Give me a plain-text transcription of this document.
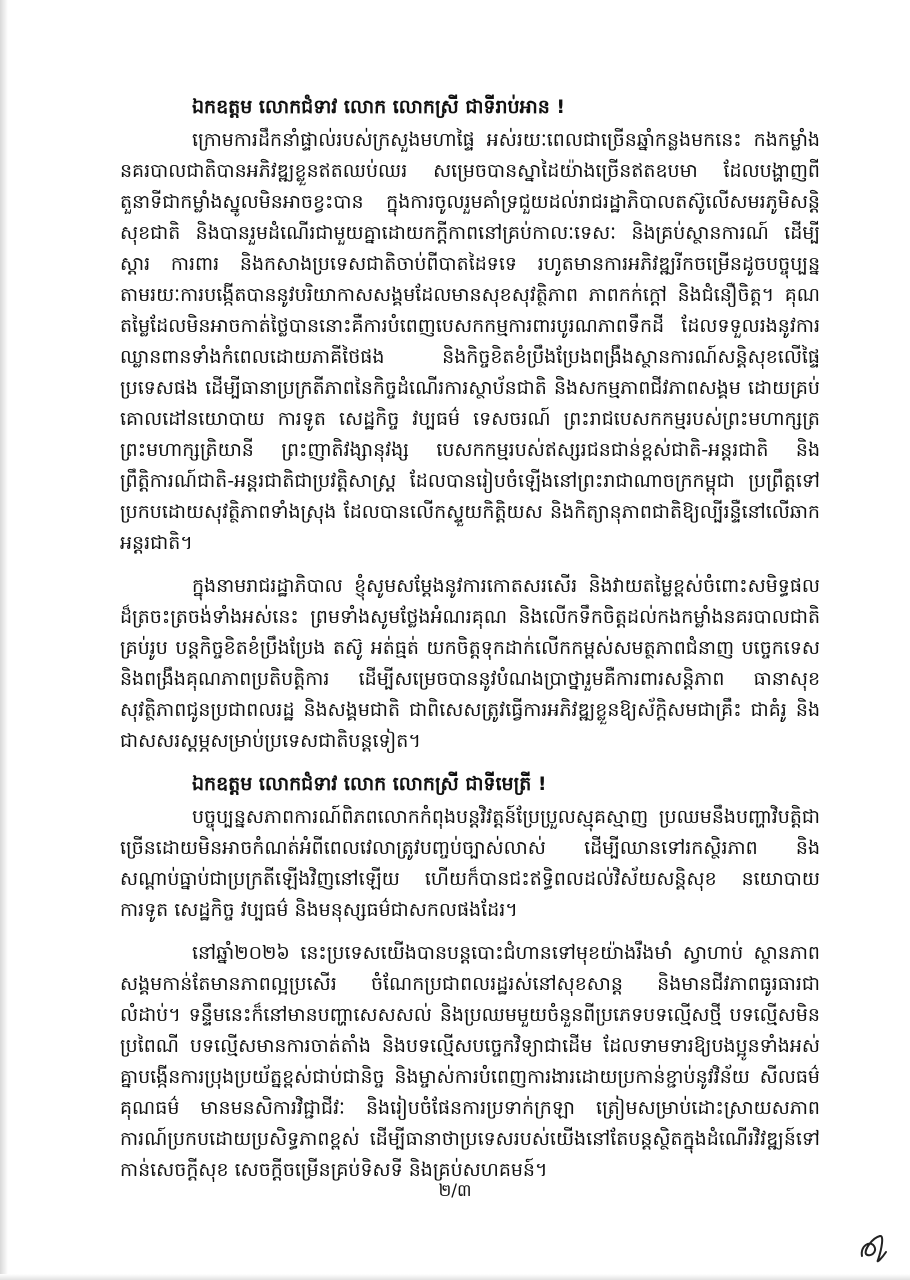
ឯកឧត្តម លោកជំទាវ លោក លោកស្រី ជាទីរាប់អាន !

ក្រោមការដឹកនាំផ្ទាល់របស់ក្រសួងមហាផ្ទៃ អស់រយៈពេលជាច្រើនឆ្នាំកន្លងមកនេះ កងកម្លាំងនគរបាលជាតិបានអភិវឌ្ឍខ្លួនឥតឈប់ឈរ សម្រេចបានស្នាដៃយ៉ាងច្រើនឥតឧបមា ដែលបង្ហាញពីតួនាទីជាកម្លាំងស្នូលមិនអាចខ្វះបាន ក្នុងការចូលរួមគាំទ្រជួយដល់រាជរដ្ឋាភិបាលតស៊ូលើសមរភូមិសន្តិសុខជាតិ និងបានរួមដំណើរជាមួយគ្នាដោយកក្តីកាពនៅគ្រប់កាលៈទេសៈ និងគ្រប់ស្ថានការណ៍ ដើម្បីស្តារ ការពារ និងកសាងប្រទេសជាតិចាប់ពីបាតដៃទទេ រហូតមានការអភិវឌ្ឍរីកចម្រើនដូចបច្ចុប្បន្ន តាមរយៈការបង្កើតបាននូវបរិយាកាសសង្គមដែលមានសុខសុវត្ថិភាព ភាពកក់ក្តៅ និងជំនឿចិត្ត។ គុណតម្លៃដែលមិនអាចកាត់ថ្លៃបាននោះគឺការបំពេញបេសកកម្មការពារបូរណភាពទឹកដី ដែលទទួលរងនូវការឈ្លានពានទាំងកំពេលដោយភាគីថៃផង និងកិច្ចខិតខំប្រឹងប្រែងពង្រឹងស្ថានការណ៍សន្តិសុខលើផ្ទៃប្រទេសផង ដើម្បីធានាប្រក្រតីភាពនៃកិច្ចដំណើរការស្ថាប័នជាតិ និងសកម្មភាពជីវភាពសង្គម ដោយគ្រប់គោលដៅនយោបាយ ការទូត សេដ្ឋកិច្ច វប្បធម៌ ទេសចរណ៍ ព្រះរាជបេសកកម្មរបស់ព្រះមហាក្សត្រ ព្រះមហាក្សត្រិយានី ព្រះញាតិវង្សានុវង្ស បេសកកម្មរបស់ឥស្សរជនជាន់ខ្ពស់ជាតិ-អន្តរជាតិ និងព្រឹត្តិការណ៍ជាតិ-អន្តរជាតិជាប្រវត្តិសាស្ត្រ ដែលបានរៀបចំឡើងនៅព្រះរាជាណាចក្រកម្ពុជា ប្រព្រឹត្តទៅប្រកបដោយសុវត្ថិភាពទាំងស្រុង ដែលបានលើកស្ទួយកិត្តិយស និងកិត្យានុភាពជាតិឱ្យល្បីរន្ទឺនៅលើឆាកអន្តរជាតិ។

ក្នុងនាមរាជរដ្ឋាភិបាល ខ្ញុំសូមសម្តែងនូវការកោតសរសើរ និងវាយតម្លៃខ្ពស់ចំពោះសមិទ្ធផលដ៏ត្រចះត្រចង់ទាំងអស់នេះ ព្រមទាំងសូមថ្លែងអំណរគុណ និងលើកទឹកចិត្តដល់កងកម្លាំងនគរបាលជាតិគ្រប់រូប បន្តកិច្ចខិតខំប្រឹងប្រែង តស៊ូ អត់ធ្មត់ យកចិត្តទុកដាក់លើកកម្ពស់សមត្ថភាពជំនាញ បច្ចេកទេស និងពង្រឹងគុណភាពប្រតិបត្តិការ ដើម្បីសម្រេចបាននូវបំណងប្រាថ្នារួមគឺការពារសន្តិភាព ធានាសុខសុវត្ថិភាពជូនប្រជាពលរដ្ឋ និងសង្គមជាតិ ជាពិសេសត្រូវធ្វើការអភិវឌ្ឍខ្លួនឱ្យស័ក្តិសមជាគ្រឹះ ជាគំរូ និងជាសសរស្តម្ភសម្រាប់ប្រទេសជាតិបន្តទៀត។

ឯកឧត្តម លោកជំទាវ លោក លោកស្រី ជាទីមេត្រី !

បច្ចុប្បន្នសភាពការណ៍ពិភពលោកកំពុងបន្តវិវត្តន៍ប្រែប្រួលស្មុគស្មាញ ប្រឈមនឹងបញ្ហាវិបត្តិជាច្រើនដោយមិនអាចកំណត់អំពីពេលវេលាត្រូវបញ្ចប់ច្បាស់លាស់ ដើម្បីឈានទៅរកស្ថិរភាព និងសណ្តាប់ធ្នាប់ជាប្រក្រតីឡើងវិញនៅឡើយ ហើយក៏បានជះឥទ្ធិពលដល់វិស័យសន្តិសុខ នយោបាយ ការទូត សេដ្ឋកិច្ច វប្បធម៌ និងមនុស្សធម៌ជាសកលផងដែរ។

នៅឆ្នាំ២០២៦ នេះប្រទេសយើងបានបន្តបោះជំហានទៅមុខយ៉ាងរឹងមាំ ស្វាហាប់ ស្ថានភាពសង្គមកាន់តែមានភាពល្អប្រសើរ ចំណែកប្រជាពលរដ្ឋរស់នៅសុខសាន្ត និងមានជីវភាពធូរធារជាលំដាប់។ ទន្ទឹមនេះក៏នៅមានបញ្ហាសេសសល់ និងប្រឈមមួយចំនួនពីប្រភេទបទល្មើសថ្មី បទល្មើសមិនប្រពៃណី បទល្មើសមានការចាត់តាំង និងបទល្មើសបច្ចេកវិទ្យាជាដើម ដែលទាមទារឱ្យបងប្អូនទាំងអស់គ្នាបង្កើនការប្រុងប្រយ័ត្នខ្ពស់ជាប់ជានិច្ច និងម្ចាស់ការបំពេញការងារដោយប្រកាន់ខ្ជាប់នូវវិន័យ សីលធម៌ គុណធម៌ មានមនសិការវិជ្ជាជីវៈ និងរៀបចំផែនការប្រទាក់ក្រឡា ត្រៀមសម្រាប់ដោះស្រាយសភាពការណ៍ប្រកបដោយប្រសិទ្ធភាពខ្ពស់ ដើម្បីធានាថាប្រទេសរបស់យើងនៅតែបន្តស្ថិតក្នុងដំណើរវិវឌ្ឍន៍ទៅកាន់សេចក្តីសុខ សេចក្តីចម្រើនគ្រប់ទិសទី និងគ្រប់សហគមន៍។

២/៣
